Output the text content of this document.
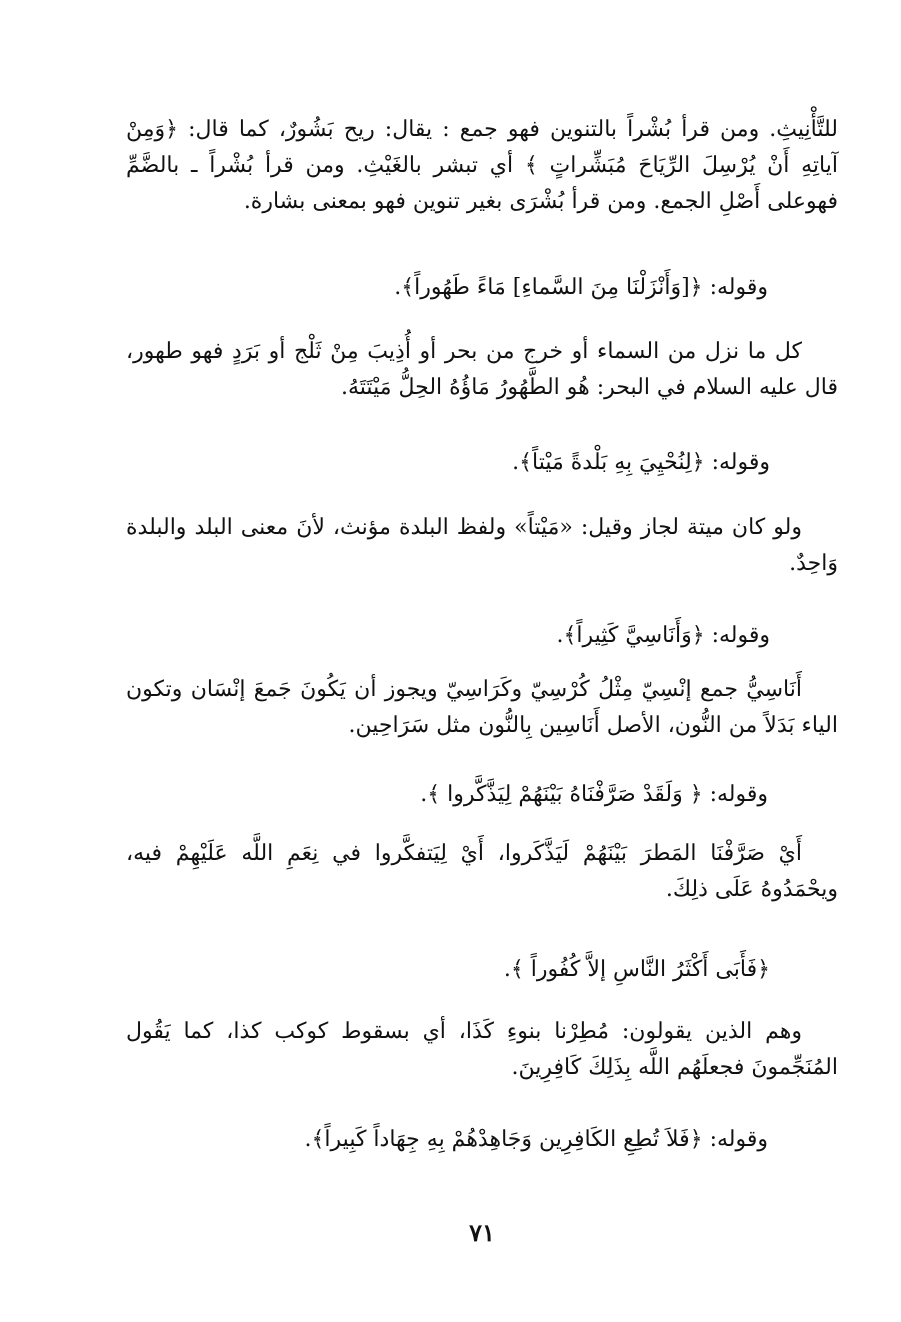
للتَّأْنِيثِ. ومن قرأ بُشْراً بالتنوين فهو جمع : يقال: ريح بَشُورٌ، كما قال: ﴿وَمِنْ آياتِهِ أَنْ يُرْسِلَ الرِّيَاحَ مُبَشِّراتٍ ﴾ أي تبشر بالغَيْثِ. ومن قرأ بُشْراً ـ بالضَّمِّ فهوعلى أَصْلِ الجمع. ومن قرأ بُشْرَى بغير تنوين فهو بمعنى بشارة.

وقوله: ﴿[وَأَنْزَلْنَا مِنَ السَّماءِ] مَاءً طَهُوراً﴾.

كل ما نزل من السماء أو خرج من بحر أو أُذِيبَ مِنْ ثَلْج أو بَرَدٍ فهو طهور، قال عليه السلام في البحر: هُو الطَّهُورُ مَاؤُهُ الحِلُّ مَيْتَتَهُ.

وقوله: ﴿لِنُحْيِيَ بِهِ بَلْدةً مَيْتاً﴾.

ولو كان ميتة لجاز وقيل: «مَيْتاً» ولفظ البلدة مؤنث، لأنَ معنى البلد والبلدة وَاحِدٌ.

وقوله: ﴿وَأَنَاسِيَّ كَثِيراً﴾.

أَنَاسِيُّ جمع إنْسِيّ مِثْلُ كُرْسِيّ وكَرَاسِيّ ويجوز أن يَكُونَ جَمعَ إنْسَان وتكون الياء بَدَلاً من النُّون، الأصل أَنَاسِين بِالنُّون مثل سَرَاحِين.

وقوله: ﴿ وَلَقَدْ صَرَّفْنَاهُ بَيْنَهُمْ لِيَذَّكَّروا ﴾.

أَيْ صَرَّفْنَا المَطرَ بَيْنَهُمْ لَيَذَّكَروا، أَيْ لِيَتفكَّروا في نِعَمِ اللَّه عَلَيْهِمْ فيه، ويحْمَدُوهُ عَلَى ذلِكَ.

﴿فَأَبَى أَكْثَرُ النَّاسِ إلاَّ كُفُوراً ﴾.

وهم الذين يقولون: مُطِرْنا بنوءِ كَذَا، أي بسقوط كوكب كذا، كما يَقُول المُنَجِّمونَ فجعلَهُم اللَّه بِذَلِكَ كَافِرِينَ.

وقوله: ﴿فَلاَ تُطِعِ الكَافِرِين وَجَاهِدْهُمْ بِهِ جِهَاداً كَبِيراً﴾.

٧١
